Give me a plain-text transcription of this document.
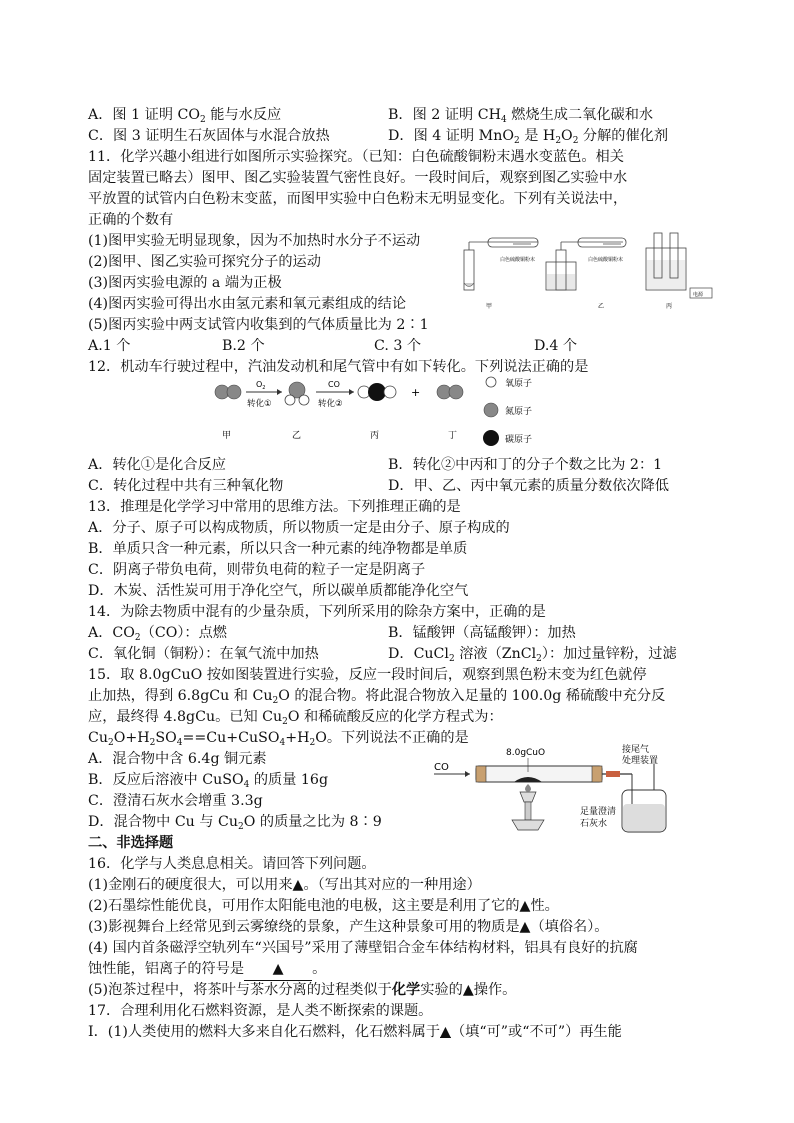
A．图 1 证明 $CO_2$ 能与水反应	B．图 2 证明 $CH_4$ 燃烧生成二氧化碳和水
C．图 3 证明生石灰固体与水混合放热	D．图 4 证明 MnO$_2$ 是 $H_2O_2$ 分解的催化剂
11．化学兴趣小组进行如图所示实验探究。（已知：白色硫酸铜粉末遇水变蓝色。相关
固定装置已略去）图甲、图乙实验装置气密性良好。一段时间后，观察到图乙实验中水
平放置的试管内白色粉末变蓝，而图甲实验中白色粉末无明显变化。下列有关说法中，
正确的个数有
(1)图甲实验无明显现象，因为不加热时水分子不运动
(2)图甲、图乙实验可探究分子的运动
(3)图丙实验电源的 a 端为正极
(4)图丙实验可得出水由氢元素和氧元素组成的结论
(5)图丙实验中两支试管内收集到的气体质量比为 2∶1
A.1 个	B.2 个	C. 3 个	D.4 个
白色硫酸铜粉末
甲
白色硫酸铜粉末
乙
电源
丙
12．机动车行驶过程中，汽油发动机和尾气管中有如下转化。下列说法正确的是
$O_2$
转化①
CO
转化②
+
氧原子
氮原子
碳原子
甲	乙	丙	丁
A．转化①是化合反应	B．转化②中丙和丁的分子个数之比为 2：1
C．转化过程中共有三种氧化物	D．甲、乙、丙中氧元素的质量分数依次降低
13．推理是化学学习中常用的思维方法。下列推理正确的是
A．分子、原子可以构成物质，所以物质一定是由分子、原子构成的
B．单质只含一种元素，所以只含一种元素的纯净物都是单质
C．阴离子带负电荷，则带负电荷的粒子一定是阴离子
D．木炭、活性炭可用于净化空气，所以碳单质都能净化空气
14．为除去物质中混有的少量杂质，下列所采用的除杂方案中，正确的是
A．$CO_2(CO)$：点燃	B．锰酸钾（高锰酸钾）：加热
C．氧化铜（铜粉）：在氧气流中加热	D．CuCl$_2$ 溶液（ZnCl$_2$）：加过量锌粉，过滤
15．取 8.0gCuO 按如图装置进行实验，反应一段时间后，观察到黑色粉末变为红色就停
止加热，得到 6.8gCu 和 $Cu_2O$ 的混合物。将此混合物放入足量的 100.0g 稀硫酸中充分反
应，最终得 4.8gCu。已知 $Cu_2O$ 和稀硫酸反应的化学方程式为：
$Cu_2O+H_2SO_4==Cu+CuSO_4+H_2O$。下列说法不正确的是
A．混合物中含 6.4g 铜元素
B．反应后溶液中 CuSO$_4$ 的质量 16g
C．澄清石灰水会增重 3.3g
D．混合物中 Cu 与 $Cu_2O$ 的质量之比为 8∶9
CO
8.0gCuO	接尾气
处理装置
足量澄清
石灰水
二、非选择题
16．化学与人类息息相关。请回答下列问题。
(1)金刚石的硬度很大，可以用来▲。（写出其对应的一种用途）
(2)石墨综性能优良，可用作太阳能电池的电极，这主要是利用了它的▲性。
(3)影视舞台上经常见到云雾缭绕的景象，产生这种景象可用的物质是▲（填俗名）。
(4) 国内首条磁浮空轨列车“兴国号”采用了薄壁铝合金车体结构材料，铝具有良好的抗腐
蚀性能，铝离子的符号是 ▲ 。
(5)泡茶过程中，将茶叶与茶水分离的过程类似于化学实验的▲操作。
17．合理利用化石燃料资源，是人类不断探索的课题。
Ⅰ．(1)人类使用的燃料大多来自化石燃料，化石燃料属于▲（填“可”或“不可”）再生能
